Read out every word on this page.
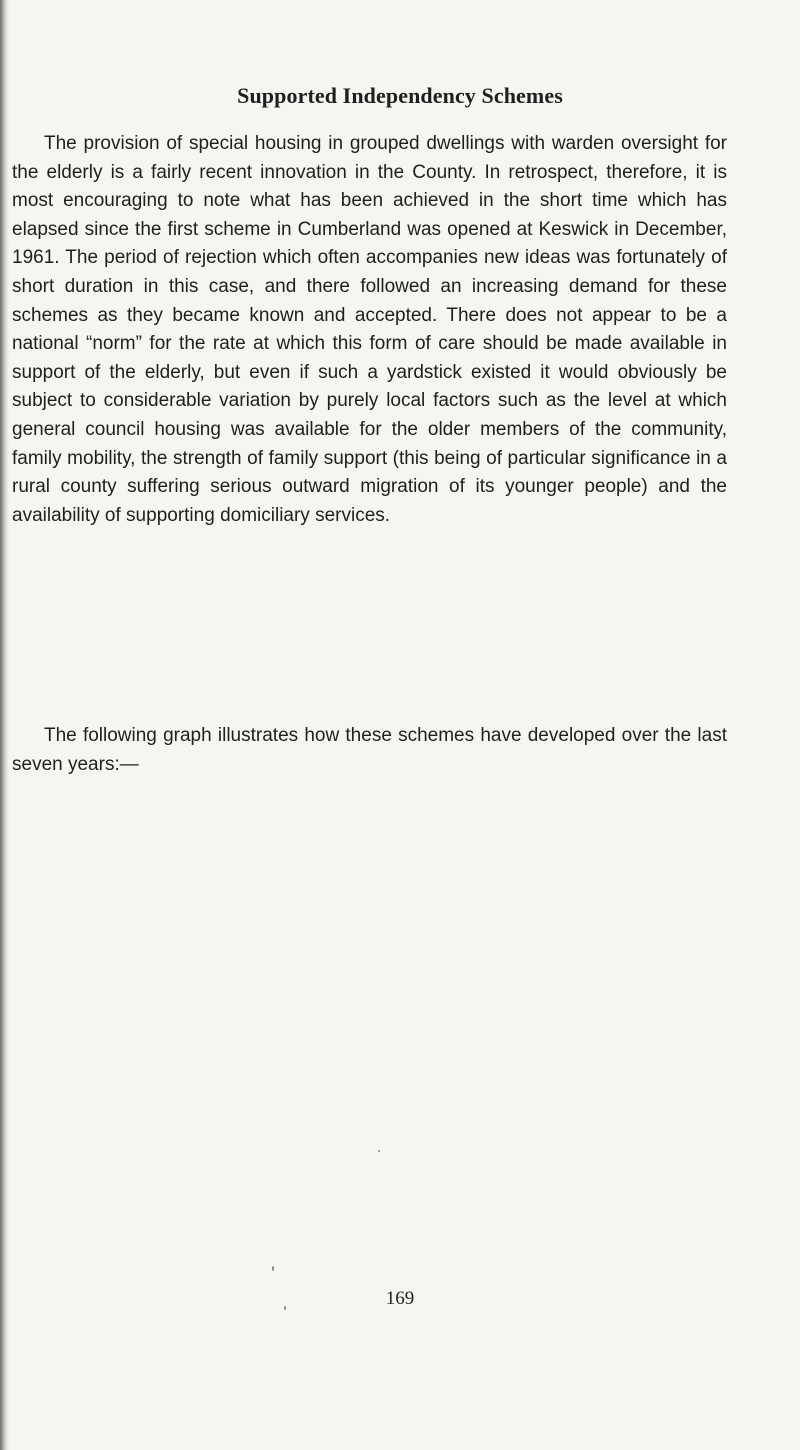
Supported Independency Schemes

The provision of special housing in grouped dwellings with warden oversight for the elderly is a fairly recent innovation in the County. In retrospect, therefore, it is most encouraging to note what has been achieved in the short time which has elapsed since the first scheme in Cumberland was opened at Keswick in December, 1961. The period of rejection which often accompanies new ideas was fortunately of short duration in this case, and there followed an increasing demand for these schemes as they became known and accepted. There does not appear to be a national “norm” for the rate at which this form of care should be made available in support of the elderly, but even if such a yardstick existed it would obviously be subject to considerable variation by purely local factors such as the level at which general council housing was available for the older members of the community, family mobility, the strength of family support (this being of particular significance in a rural county suffering serious outward migration of its younger people) and the availability of supporting domiciliary services.

The following graph illustrates how these schemes have developed over the last seven years:—

169
